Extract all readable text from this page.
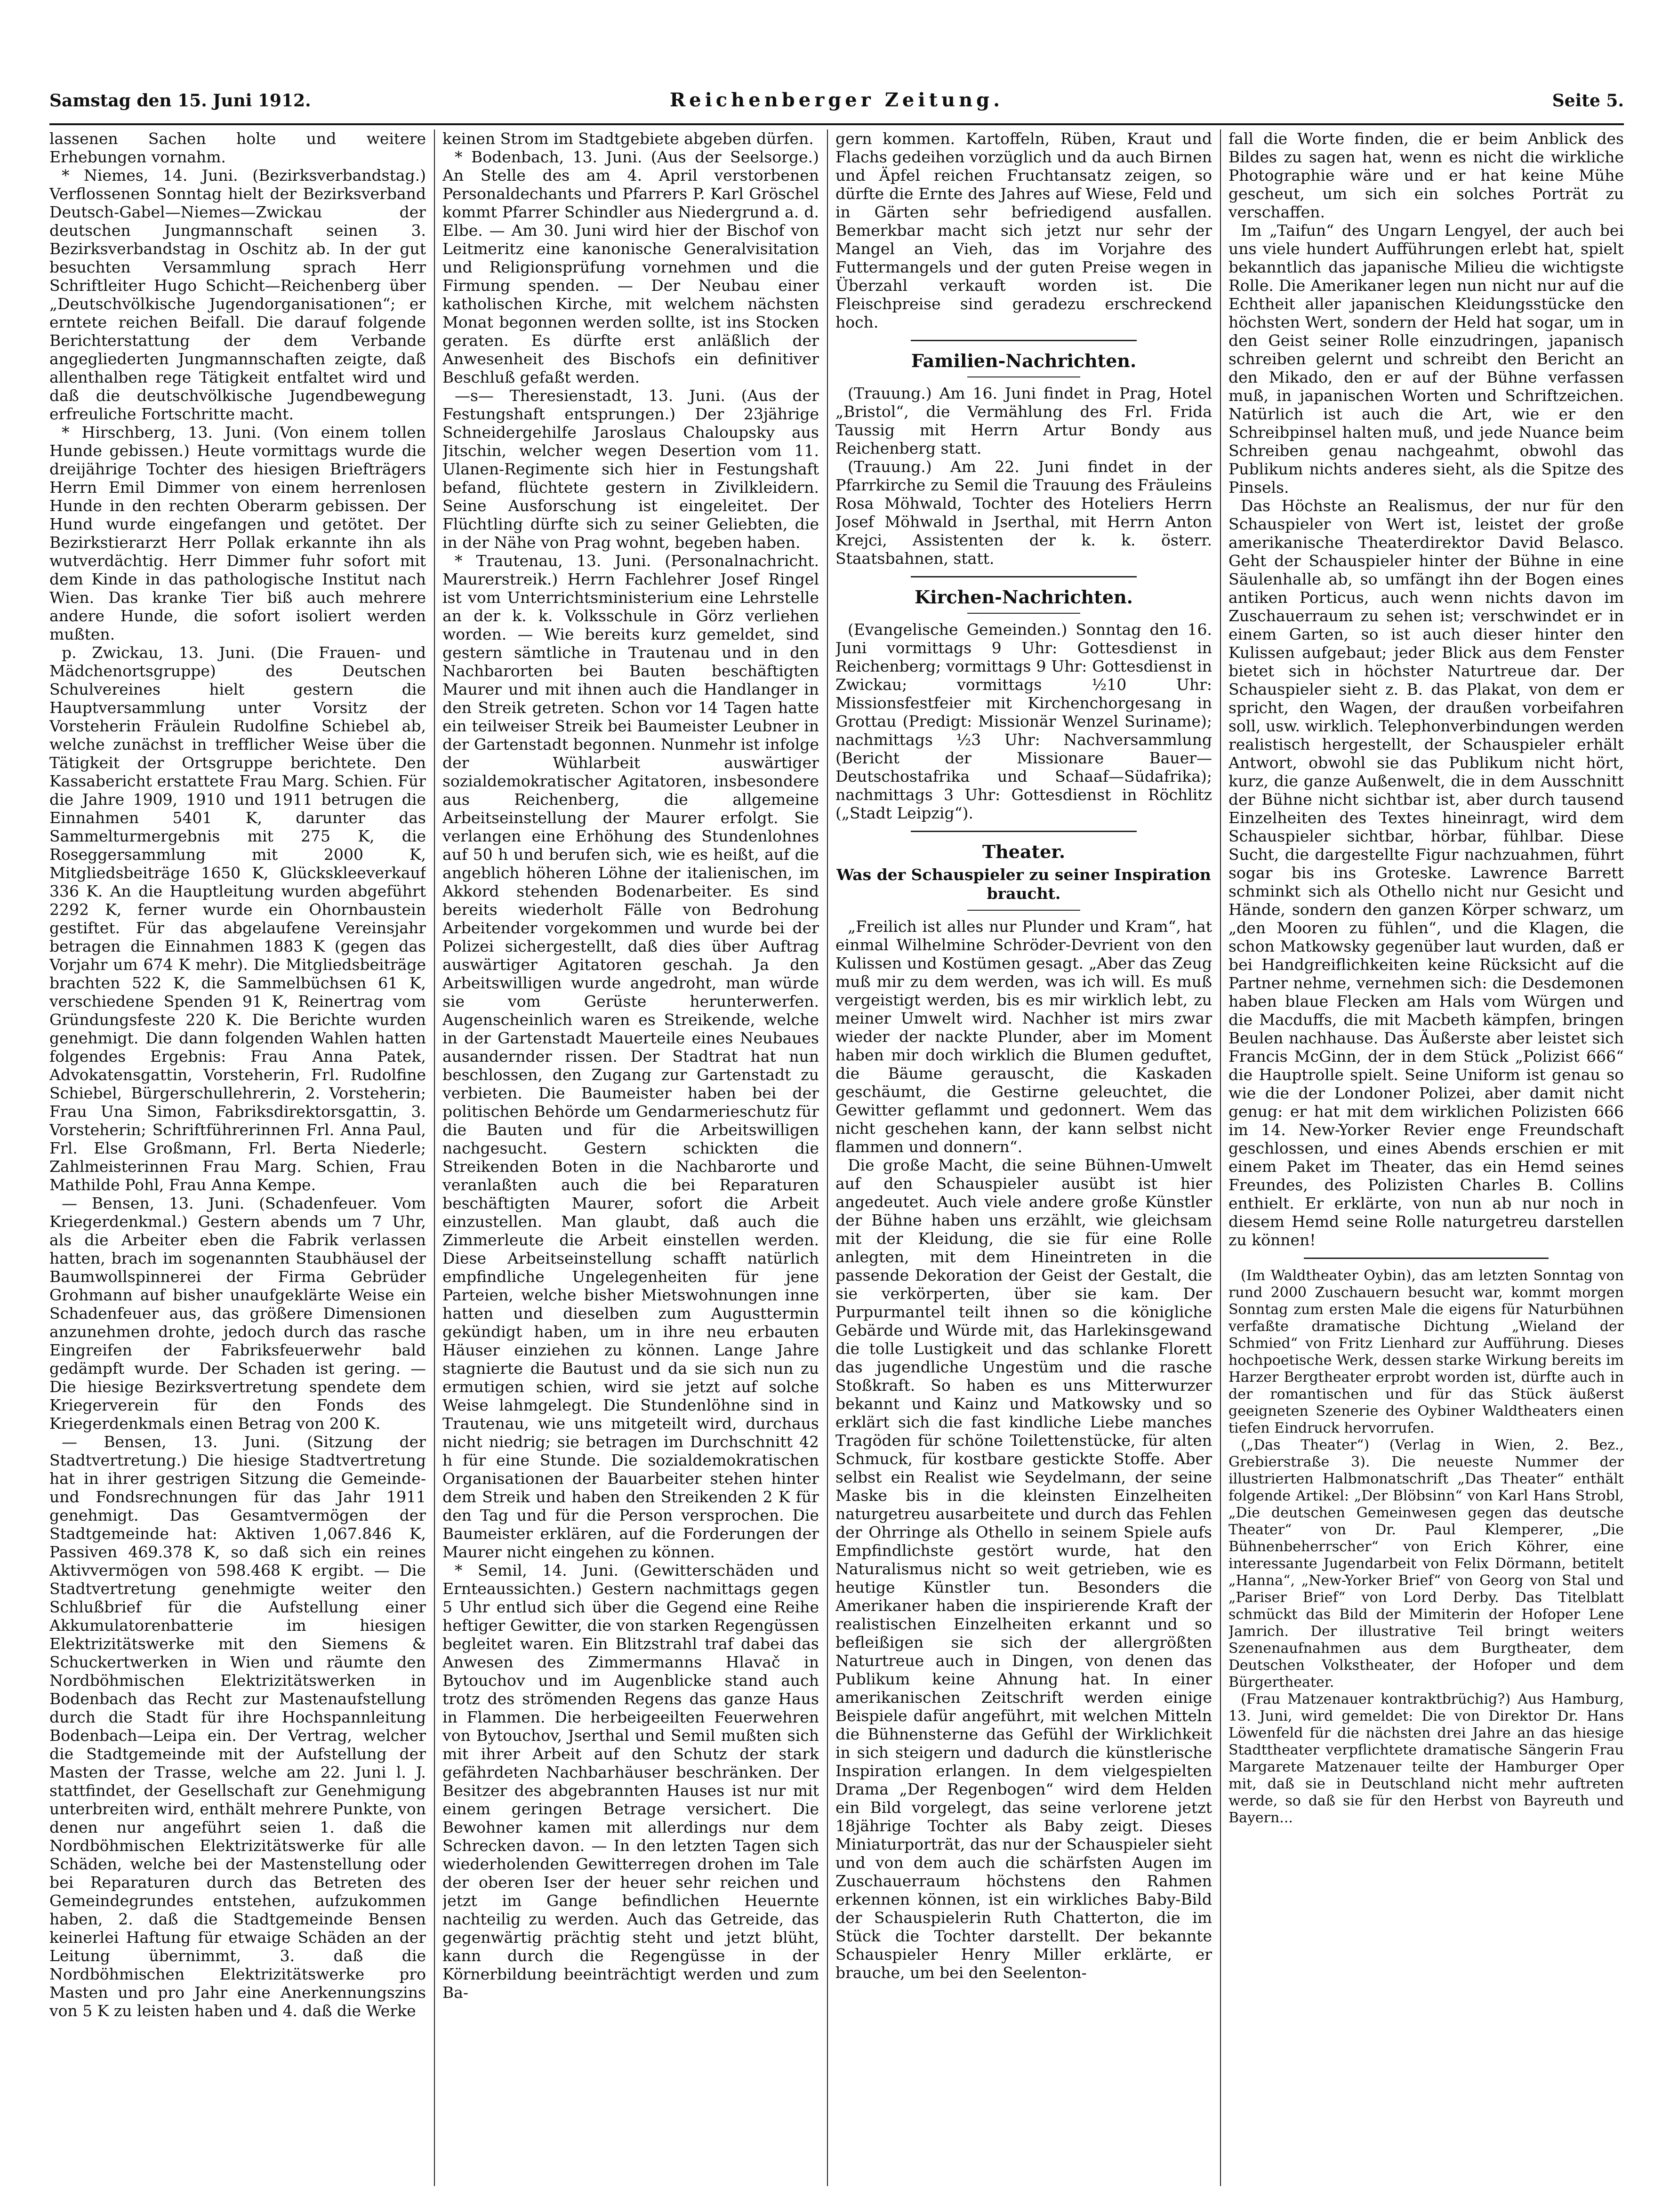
Samstag den 15. Juni 1912.	Reichenberger Zeitung.	Seite 5.

lassenen Sachen holte und weitere Erhebungen vornahm.

* Niemes, 14. Juni. (Bezirksverbandstag.) Verflossenen Sonntag hielt der Bezirksverband Deutsch-Gabel—Niemes—Zwickau der deutschen Jungmannschaft seinen 3. Bezirksverbandstag in Oschitz ab. In der gut besuchten Versammlung sprach Herr Schriftleiter Hugo Schicht—Reichenberg über „Deutschvölkische Jugendorganisationen“; er erntete reichen Beifall. Die darauf folgende Berichterstattung der dem Verbande angegliederten Jungmannschaften zeigte, daß allenthalben rege Tätigkeit entfaltet wird und daß die deutschvölkische Jugendbewegung erfreuliche Fortschritte macht.

* Hirschberg, 13. Juni. (Von einem tollen Hunde gebissen.) Heute vormittags wurde die dreijährige Tochter des hiesigen Briefträgers Herrn Emil Dimmer von einem herrenlosen Hunde in den rechten Oberarm gebissen. Der Hund wurde eingefangen und getötet. Der Bezirkstierarzt Herr Pollak erkannte ihn als wutverdächtig. Herr Dimmer fuhr sofort mit dem Kinde in das pathologische Institut nach Wien. Das kranke Tier biß auch mehrere andere Hunde, die sofort isoliert werden mußten.

p. Zwickau, 13. Juni. (Die Frauen- und Mädchenortsgruppe) des Deutschen Schulvereines hielt gestern die Hauptversammlung unter Vorsitz der Vorsteherin Fräulein Rudolfine Schiebel ab, welche zunächst in trefflicher Weise über die Tätigkeit der Ortsgruppe berichtete. Den Kassabericht erstattete Frau Marg. Schien. Für die Jahre 1909, 1910 und 1911 betrugen die Einnahmen 5401 K, darunter das Sammelturmergebnis mit 275 K, die Roseggersammlung mit 2000 K, Mitgliedsbeiträge 1650 K, Glückskleeverkauf 336 K. An die Hauptleitung wurden abgeführt 2292 K, ferner wurde ein Ohornbaustein gestiftet. Für das abgelaufene Vereinsjahr betragen die Einnahmen 1883 K (gegen das Vorjahr um 674 K mehr). Die Mitgliedsbeiträge brachten 522 K, die Sammelbüchsen 61 K, verschiedene Spenden 91 K, Reinertrag vom Gründungsfeste 220 K. Die Berichte wurden genehmigt. Die dann folgenden Wahlen hatten folgendes Ergebnis: Frau Anna Patek, Advokatensgattin, Vorsteherin, Frl. Rudolfine Schiebel, Bürgerschullehrerin, 2. Vorsteherin; Frau Una Simon, Fabriksdirektorsgattin, 3. Vorsteherin; Schriftführerinnen Frl. Anna Paul, Frl. Else Großmann, Frl. Berta Niederle; Zahlmeisterinnen Frau Marg. Schien, Frau Mathilde Pohl, Frau Anna Kempe.

— Bensen, 13. Juni. (Schadenfeuer. Vom Kriegerdenkmal.) Gestern abends um 7 Uhr, als die Arbeiter eben die Fabrik verlassen hatten, brach im sogenannten Staubhäusel der Baumwollspinnerei der Firma Gebrüder Grohmann auf bisher unaufgeklärte Weise ein Schadenfeuer aus, das größere Dimensionen anzunehmen drohte, jedoch durch das rasche Eingreifen der Fabriksfeuerwehr bald gedämpft wurde. Der Schaden ist gering. — Die hiesige Bezirksvertretung spendete dem Kriegerverein für den Fonds des Kriegerdenkmals einen Betrag von 200 K.

— Bensen, 13. Juni. (Sitzung der Stadtvertretung.) Die hiesige Stadtvertretung hat in ihrer gestrigen Sitzung die Gemeinde- und Fondsrechnungen für das Jahr 1911 genehmigt. Das Gesamtvermögen der Stadtgemeinde hat: Aktiven 1,067.846 K, Passiven 469.378 K, so daß sich ein reines Aktivvermögen von 598.468 K ergibt. — Die Stadtvertretung genehmigte weiter den Schlußbrief für die Aufstellung einer Akkumulatorenbatterie im hiesigen Elektrizitätswerke mit den Siemens & Schuckertwerken in Wien und räumte den Nordböhmischen Elektrizitätswerken in Bodenbach das Recht zur Mastenaufstellung durch die Stadt für ihre Hochspannleitung Bodenbach—Leipa ein. Der Vertrag, welcher die Stadtgemeinde mit der Aufstellung der Masten der Trasse, welche am 22. Juni l. J. stattfindet, der Gesellschaft zur Genehmigung unterbreiten wird, enthält mehrere Punkte, von denen nur angeführt seien 1. daß die Nordböhmischen Elektrizitätswerke für alle Schäden, welche bei der Mastenstellung oder bei Reparaturen durch das Betreten des Gemeindegrundes entstehen, aufzukommen haben, 2. daß die Stadtgemeinde Bensen keinerlei Haftung für etwaige Schäden an der Leitung übernimmt, 3. daß die Nordböhmischen Elektrizitätswerke pro Masten und pro Jahr eine Anerkennungszins von 5 K zu leisten haben und 4. daß die Werke

keinen Strom im Stadtgebiete abgeben dürfen.

* Bodenbach, 13. Juni. (Aus der Seelsorge.) An Stelle des am 4. April verstorbenen Personaldechants und Pfarrers P. Karl Gröschel kommt Pfarrer Schindler aus Niedergrund a. d. Elbe. — Am 30. Juni wird hier der Bischof von Leitmeritz eine kanonische Generalvisitation und Religionsprüfung vornehmen und die Firmung spenden. — Der Neubau einer katholischen Kirche, mit welchem nächsten Monat begonnen werden sollte, ist ins Stocken geraten. Es dürfte erst anläßlich der Anwesenheit des Bischofs ein definitiver Beschluß gefaßt werden.

—s— Theresienstadt, 13. Juni. (Aus der Festungshaft entsprungen.) Der 23jährige Schneidergehilfe Jaroslaus Chaloupsky aus Jitschin, welcher wegen Desertion vom 11. Ulanen-Regimente sich hier in Festungshaft befand, flüchtete gestern in Zivilkleidern. Seine Ausforschung ist eingeleitet. Der Flüchtling dürfte sich zu seiner Geliebten, die in der Nähe von Prag wohnt, begeben haben.

* Trautenau, 13. Juni. (Personalnachricht. Maurerstreik.) Herrn Fachlehrer Josef Ringel ist vom Unterrichtsministerium eine Lehrstelle an der k. k. Volksschule in Görz verliehen worden. — Wie bereits kurz gemeldet, sind gestern sämtliche in Trautenau und in den Nachbarorten bei Bauten beschäftigten Maurer und mit ihnen auch die Handlanger in den Streik getreten. Schon vor 14 Tagen hatte ein teilweiser Streik bei Baumeister Leubner in der Gartenstadt begonnen. Nunmehr ist infolge der Wühlarbeit auswärtiger sozialdemokratischer Agitatoren, insbesondere aus Reichenberg, die allgemeine Arbeitseinstellung der Maurer erfolgt. Sie verlangen eine Erhöhung des Stundenlohnes auf 50 h und berufen sich, wie es heißt, auf die angeblich höheren Löhne der italienischen, im Akkord stehenden Bodenarbeiter. Es sind bereits wiederholt Fälle von Bedrohung Arbeitender vorgekommen und wurde bei der Polizei sichergestellt, daß dies über Auftrag auswärtiger Agitatoren geschah. Ja den Arbeitswilligen wurde angedroht, man würde sie vom Gerüste herunterwerfen. Augenscheinlich waren es Streikende, welche in der Gartenstadt Mauerteile eines Neubaues ausandernder rissen. Der Stadtrat hat nun beschlossen, den Zugang zur Gartenstadt zu verbieten. Die Baumeister haben bei der politischen Behörde um Gendarmerieschutz für die Bauten und für die Arbeitswilligen nachgesucht. Gestern schickten die Streikenden Boten in die Nachbarorte und veranlaßten auch die bei Reparaturen beschäftigten Maurer, sofort die Arbeit einzustellen. Man glaubt, daß auch die Zimmerleute die Arbeit einstellen werden. Diese Arbeitseinstellung schafft natürlich empfindliche Ungelegenheiten für jene Parteien, welche bisher Mietswohnungen inne hatten und dieselben zum Augusttermin gekündigt haben, um in ihre neu erbauten Häuser einziehen zu können. Lange Jahre stagnierte die Bautust und da sie sich nun zu ermutigen schien, wird sie jetzt auf solche Weise lahmgelegt. Die Stundenlöhne sind in Trautenau, wie uns mitgeteilt wird, durchaus nicht niedrig; sie betragen im Durchschnitt 42 h für eine Stunde. Die sozialdemokratischen Organisationen der Bauarbeiter stehen hinter dem Streik und haben den Streikenden 2 K für den Tag und für die Person versprochen. Die Baumeister erklären, auf die Forderungen der Maurer nicht eingehen zu können.

* Semil, 14. Juni. (Gewitterschäden und Ernteaussichten.) Gestern nachmittags gegen 5 Uhr entlud sich über die Gegend eine Reihe heftiger Gewitter, die von starken Regengüssen begleitet waren. Ein Blitzstrahl traf dabei das Anwesen des Zimmermanns Hlavač in Bytouchov und im Augenblicke stand auch trotz des strömenden Regens das ganze Haus in Flammen. Die herbeigeeilten Feuerwehren von Bytouchov, Jserthal und Semil mußten sich mit ihrer Arbeit auf den Schutz der stark gefährdeten Nachbarhäuser beschränken. Der Besitzer des abgebrannten Hauses ist nur mit einem geringen Betrage versichert. Die Bewohner kamen mit allerdings nur dem Schrecken davon. — In den letzten Tagen sich wiederholenden Gewitterregen drohen im Tale der oberen Iser der heuer sehr reichen und jetzt im Gange befindlichen Heuernte nachteilig zu werden. Auch das Getreide, das gegenwärtig prächtig steht und jetzt blüht, kann durch die Regengüsse in der Körnerbildung beeinträchtigt werden und zum Ba-

gern kommen. Kartoffeln, Rüben, Kraut und Flachs gedeihen vorzüglich und da auch Birnen und Äpfel reichen Fruchtansatz zeigen, so dürfte die Ernte des Jahres auf Wiese, Feld und in Gärten sehr befriedigend ausfallen. Bemerkbar macht sich jetzt nur sehr der Mangel an Vieh, das im Vorjahre des Futtermangels und der guten Preise wegen in Überzahl verkauft worden ist. Die Fleischpreise sind geradezu erschreckend hoch.

Familien-Nachrichten.

(Trauung.) Am 16. Juni findet in Prag, Hotel „Bristol“, die Vermählung des Frl. Frida Taussig mit Herrn Artur Bondy aus Reichenberg statt.

(Trauung.) Am 22. Juni findet in der Pfarrkirche zu Semil die Trauung des Fräuleins Rosa Möhwald, Tochter des Hoteliers Herrn Josef Möhwald in Jserthal, mit Herrn Anton Krejci, Assistenten der k. k. österr. Staatsbahnen, statt.

Kirchen-Nachrichten.

(Evangelische Gemeinden.) Sonntag den 16. Juni vormittags 9 Uhr: Gottesdienst in Reichenberg; vormittags 9 Uhr: Gottesdienst in Zwickau; vormittags ½10 Uhr: Missionsfestfeier mit Kirchenchorgesang in Grottau (Predigt: Missionär Wenzel Suriname); nachmittags ½3 Uhr: Nachversammlung (Bericht der Missionare Bauer—Deutschostafrika und Schaaf—Südafrika); nachmittags 3 Uhr: Gottesdienst in Röchlitz („Stadt Leipzig“).

Theater.

Was der Schauspieler zu seiner Inspiration braucht.

„Freilich ist alles nur Plunder und Kram“, hat einmal Wilhelmine Schröder-Devrient von den Kulissen und Kostümen gesagt. „Aber das Zeug muß mir zu dem werden, was ich will. Es muß vergeistigt werden, bis es mir wirklich lebt, zu meiner Umwelt wird. Nachher ist mirs zwar wieder der nackte Plunder, aber im Moment haben mir doch wirklich die Blumen geduftet, die Bäume gerauscht, die Kaskaden geschäumt, die Gestirne geleuchtet, die Gewitter geflammt und gedonnert. Wem das nicht geschehen kann, der kann selbst nicht flammen und donnern“.

Die große Macht, die seine Bühnen-Umwelt auf den Schauspieler ausübt ist hier angedeutet. Auch viele andere große Künstler der Bühne haben uns erzählt, wie gleichsam mit der Kleidung, die sie für eine Rolle anlegten, mit dem Hineintreten in die passende Dekoration der Geist der Gestalt, die sie verkörperten, über sie kam. Der Purpurmantel teilt ihnen so die königliche Gebärde und Würde mit, das Harlekinsgewand die tolle Lustigkeit und das schlanke Florett das jugendliche Ungestüm und die rasche Stoßkraft. So haben es uns Mitterwurzer bekannt und Kainz und Matkowsky und so erklärt sich die fast kindliche Liebe manches Tragöden für schöne Toilettenstücke, für alten Schmuck, für kostbare gestickte Stoffe. Aber selbst ein Realist wie Seydelmann, der seine Maske bis in die kleinsten Einzelheiten naturgetreu ausarbeitete und durch das Fehlen der Ohrringe als Othello in seinem Spiele aufs Empfindlichste gestört wurde, hat den Naturalismus nicht so weit getrieben, wie es heutige Künstler tun. Besonders die Amerikaner haben die inspirierende Kraft der realistischen Einzelheiten erkannt und so befleißigen sie sich der allergrößten Naturtreue auch in Dingen, von denen das Publikum keine Ahnung hat. In einer amerikanischen Zeitschrift werden einige Beispiele dafür angeführt, mit welchen Mitteln die Bühnensterne das Gefühl der Wirklichkeit in sich steigern und dadurch die künstlerische Inspiration erlangen. In dem vielgespielten Drama „Der Regenbogen“ wird dem Helden ein Bild vorgelegt, das seine verlorene jetzt 18jährige Tochter als Baby zeigt. Dieses Miniaturporträt, das nur der Schauspieler sieht und von dem auch die schärfsten Augen im Zuschauerraum höchstens den Rahmen erkennen können, ist ein wirkliches Baby-Bild der Schauspielerin Ruth Chatterton, die im Stück die Tochter darstellt. Der bekannte Schauspieler Henry Miller erklärte, er brauche, um bei den Seelenton-

fall die Worte finden, die er beim Anblick des Bildes zu sagen hat, wenn es nicht die wirkliche Photographie wäre und er hat keine Mühe gescheut, um sich ein solches Porträt zu verschaffen.

Im „Taifun“ des Ungarn Lengyel, der auch bei uns viele hundert Aufführungen erlebt hat, spielt bekanntlich das japanische Milieu die wichtigste Rolle. Die Amerikaner legen nun nicht nur auf die Echtheit aller japanischen Kleidungsstücke den höchsten Wert, sondern der Held hat sogar, um in den Geist seiner Rolle einzudringen, japanisch schreiben gelernt und schreibt den Bericht an den Mikado, den er auf der Bühne verfassen muß, in japanischen Worten und Schriftzeichen. Natürlich ist auch die Art, wie er den Schreibpinsel halten muß, und jede Nuance beim Schreiben genau nachgeahmt, obwohl das Publikum nichts anderes sieht, als die Spitze des Pinsels.

Das Höchste an Realismus, der nur für den Schauspieler von Wert ist, leistet der große amerikanische Theaterdirektor David Belasco. Geht der Schauspieler hinter der Bühne in eine Säulenhalle ab, so umfängt ihn der Bogen eines antiken Porticus, auch wenn nichts davon im Zuschauerraum zu sehen ist; verschwindet er in einem Garten, so ist auch dieser hinter den Kulissen aufgebaut; jeder Blick aus dem Fenster bietet sich in höchster Naturtreue dar. Der Schauspieler sieht z. B. das Plakat, von dem er spricht, den Wagen, der draußen vorbeifahren soll, usw. wirklich. Telephonverbindungen werden realistisch hergestellt, der Schauspieler erhält Antwort, obwohl sie das Publikum nicht hört, kurz, die ganze Außenwelt, die in dem Ausschnitt der Bühne nicht sichtbar ist, aber durch tausend Einzelheiten des Textes hineinragt, wird dem Schauspieler sichtbar, hörbar, fühlbar. Diese Sucht, die dargestellte Figur nachzuahmen, führt sogar bis ins Groteske. Lawrence Barrett schminkt sich als Othello nicht nur Gesicht und Hände, sondern den ganzen Körper schwarz, um „den Mooren zu fühlen“, und die Klagen, die schon Matkowsky gegenüber laut wurden, daß er bei Handgreiflichkeiten keine Rücksicht auf die Partner nehme, vernehmen sich: die Desdemonen haben blaue Flecken am Hals vom Würgen und die Macduffs, die mit Macbeth kämpfen, bringen Beulen nachhause. Das Äußerste aber leistet sich Francis McGinn, der in dem Stück „Polizist 666“ die Hauptrolle spielt. Seine Uniform ist genau so wie die der Londoner Polizei, aber damit nicht genug: er hat mit dem wirklichen Polizisten 666 im 14. New-Yorker Revier enge Freundschaft geschlossen, und eines Abends erschien er mit einem Paket im Theater, das ein Hemd seines Freundes, des Polizisten Charles B. Collins enthielt. Er erklärte, von nun ab nur noch in diesem Hemd seine Rolle naturgetreu darstellen zu können!

(Im Waldtheater Oybin), das am letzten Sonntag von rund 2000 Zuschauern besucht war, kommt morgen Sonntag zum ersten Male die eigens für Naturbühnen verfaßte dramatische Dichtung „Wieland der Schmied“ von Fritz Lienhard zur Aufführung. Dieses hochpoetische Werk, dessen starke Wirkung bereits im Harzer Bergtheater erprobt worden ist, dürfte auch in der romantischen und für das Stück äußerst geeigneten Szenerie des Oybiner Waldtheaters einen tiefen Eindruck hervorrufen.

(„Das Theater“) (Verlag in Wien, 2. Bez., Grebierstraße 3). Die neueste Nummer der illustrierten Halbmonatschrift „Das Theater“ enthält folgende Artikel: „Der Blöbsinn“ von Karl Hans Strobl, „Die deutschen Gemeinwesen gegen das deutsche Theater“ von Dr. Paul Klemperer, „Die Bühnenbeherrscher“ von Erich Köhrer, eine interessante Jugendarbeit von Felix Dörmann, betitelt „Hanna“, „New-Yorker Brief“ von Georg von Stal und „Pariser Brief“ von Lord Derby. Das Titelblatt schmückt das Bild der Mimiterin der Hofoper Lene Jamrich. Der illustrative Teil bringt weiters Szenenaufnahmen aus dem Burgtheater, dem Deutschen Volkstheater, der Hofoper und dem Bürgertheater.

(Frau Matzenauer kontraktbrüchig?) Aus Hamburg, 13. Juni, wird gemeldet: Die von Direktor Dr. Hans Löwenfeld für die nächsten drei Jahre an das hiesige Stadttheater verpflichtete dramatische Sängerin Frau Margarete Matzenauer teilte der Hamburger Oper mit, daß sie in Deutschland nicht mehr auftreten werde, so daß sie für den Herbst von Bayreuth und Bayern...
